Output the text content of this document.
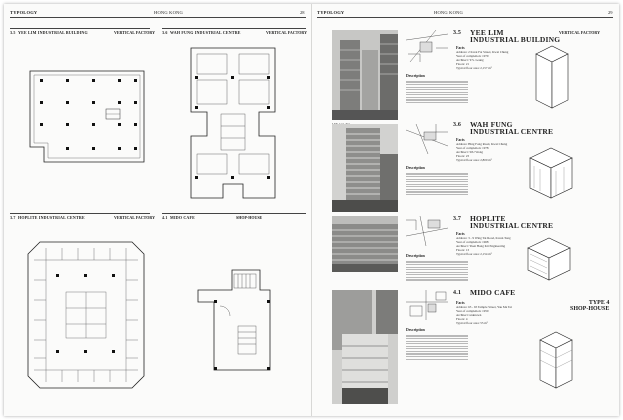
TYPOLOGY	HONG KONG	28
3.5 YEE LIM INDUSTRIAL BUILDING	VERTICAL FACTORY 3.6 WAH FUNG INDUSTRIAL CENTRE	VERTICAL FACTORY
3.7 HOPLITE INDUSTRIAL CENTRE	VERTICAL FACTORY 4.1 MIDO CAFE	SHOP-HOUSE
TYPOLOGY	HONG KONG	29
VERTICAL FACTORY
3.5 YEE LIM
INDUSTRIAL BUILDING
Facts
Address: 2 Kwai Fat Street, Kwai Chung
Year of completion: 1979
Architect: Y.S. Leung
Floors: 21
Typical floor area: 2,157 m²
Description
3.6 WAH FUNG
INDUSTRIAL CENTRE
Facts
Address: Hing Fong Road, Kwai Chung
Year of completion: 1978
Architect: SIU Wong
Floors: 23
Typical floor area: 2,800 m²
Description
3.7 HOPLITE
INDUSTRIAL CENTRE
Facts
Address: 3 - 9 Wing Tai Road, Kwun Tong
Year of completion: 1968
Architect: Yuen Hong Kit Engineering
Floors: 13
Typical floor area: 2,154 m²
Description
4.1 MIDO CAFE
Facts
Address: 63 - 65 Temple Street, Yau Ma Tei
Year of completion: 1950
Architect: unknown
Floors: 4
Typical floor area: 55 m²
Description
TYPE 4
SHOP-HOUSE
